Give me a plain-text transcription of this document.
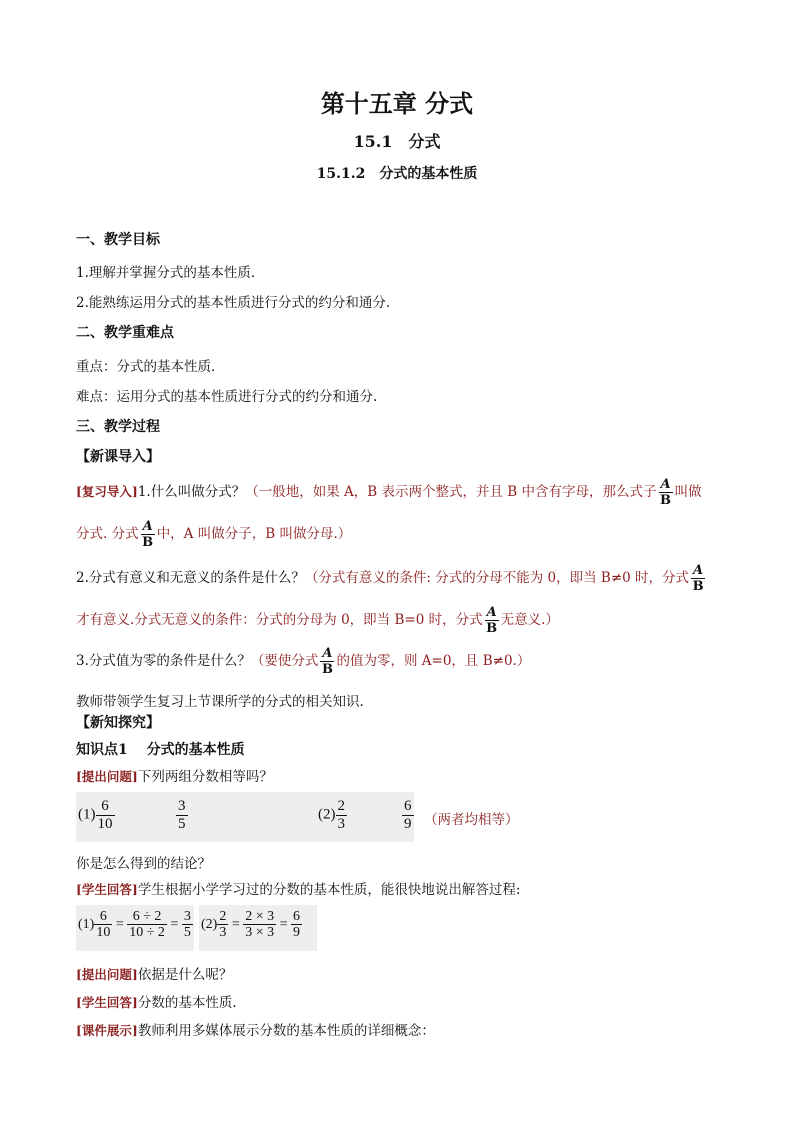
第十五章 分式
15.1　分式
15.1.2　分式的基本性质
一、教学目标
1.理解并掌握分式的基本性质．
2.能熟练运用分式的基本性质进行分式的约分和通分.
二、教学重难点
重点：分式的基本性质．
难点：运用分式的基本性质进行分式的约分和通分.
三、教学过程
【新课导入】
[复习导入]1.什么叫做分式？（一般地，如果 A，B 表示两个整式，并且 B 中含有字母，那么式子 $\frac{A}{B}$ 叫做
分式. 分式 $\frac{A}{B}$ 中，A 叫做分子，B 叫做分母.）
2.分式有意义和无意义的条件是什么？（分式有意义的条件: 分式的分母不能为 0，即当 B≠0 时，分式 $\frac{A}{B}$
才有意义.分式无意义的条件：分式的分母为 0，即当 B=0 时，分式 $\frac{A}{B}$ 无意义.）
3.分式值为零的条件是什么？（要使分式 $\frac{A}{B}$ 的值为零，则 A=0，且 B≠0.）
教师带领学生复习上节课所学的分式的相关知识.
【新知探究】
知识点1　 分式的基本性质
[提出问题]下列两组分数相等吗？
$(1) \frac{6}{10}$	$\frac{3}{5}$	$(2) \frac{2}{3}$	$\frac{6}{9}$ （两者均相等）
你是怎么得到的结论？
[学生回答]学生根据小学学习过的分数的基本性质，能很快地说出解答过程:
$(1) \frac{6}{10} = \frac{6 \div 2}{10 \div 2} = \frac{3}{5} (2) \frac{2}{3} = \frac{2 \times 3}{3 \times 3} = \frac{6}{9}$
[提出问题]依据是什么呢？
[学生回答]分数的基本性质.
[课件展示]教师利用多媒体展示分数的基本性质的详细概念：
